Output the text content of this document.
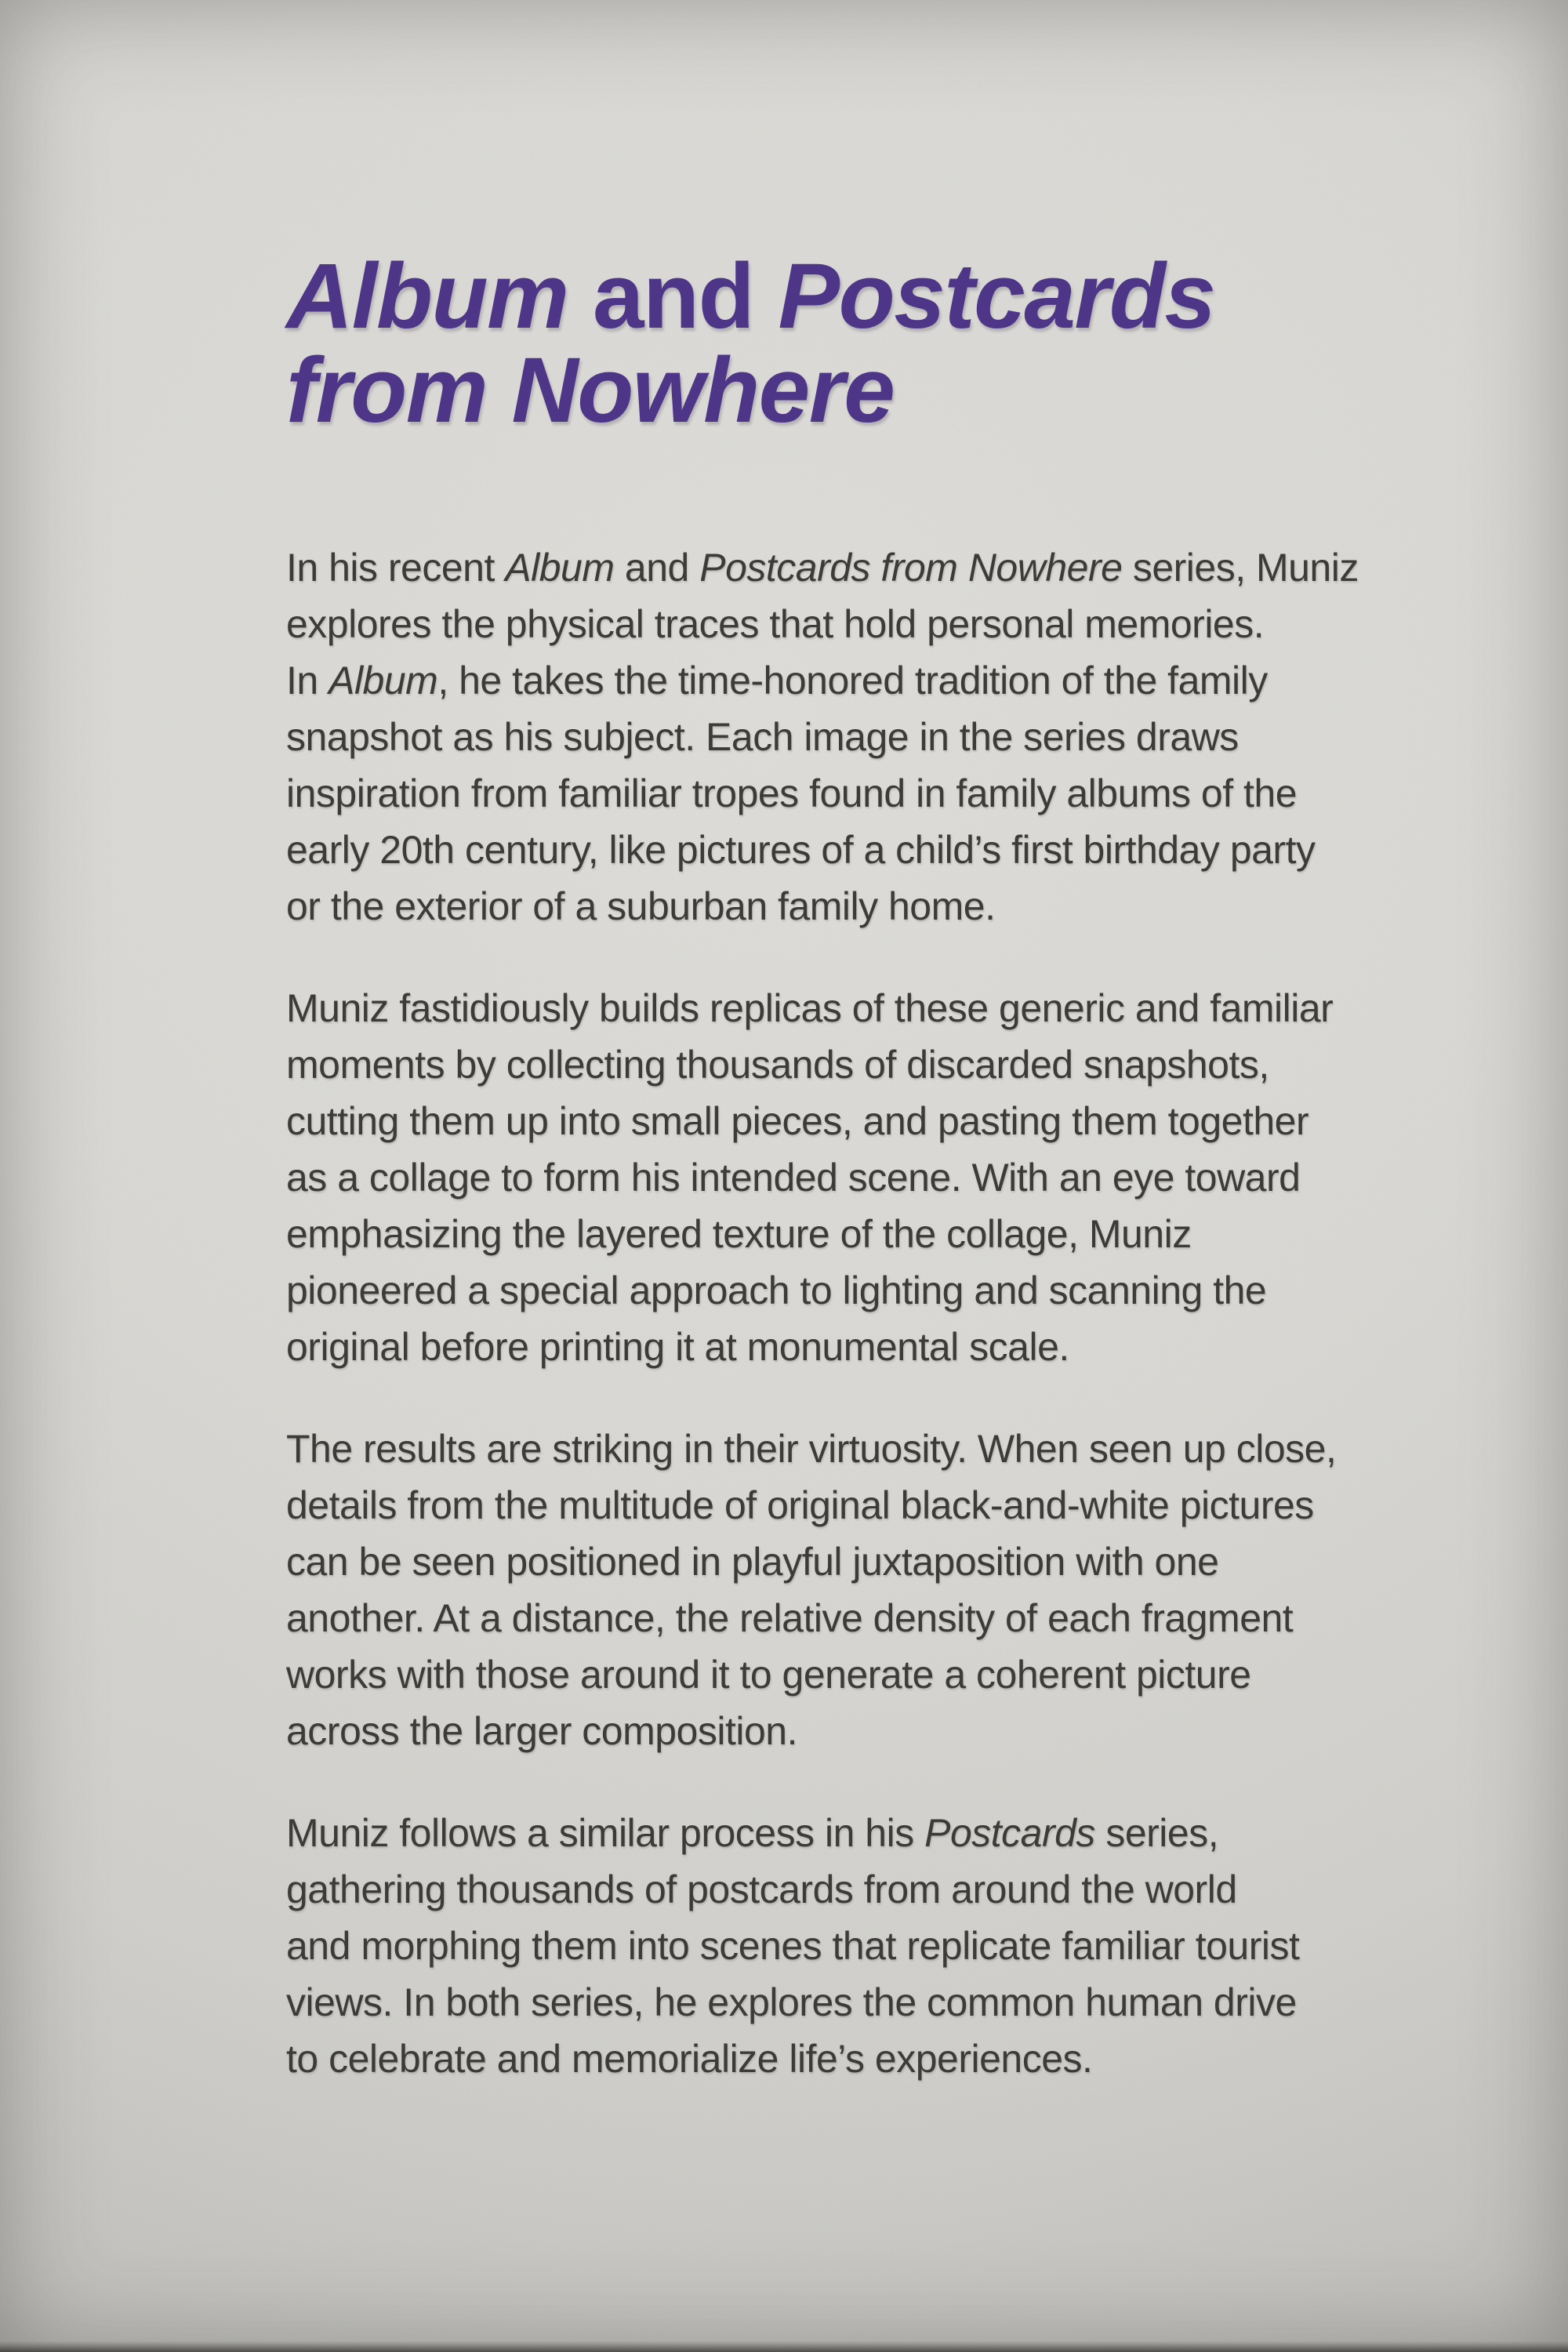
Album and Postcards
from Nowhere
In his recent Album and Postcards from Nowhere series, Muniz
explores the physical traces that hold personal memories.
In Album, he takes the time-honored tradition of the family
snapshot as his subject. Each image in the series draws
inspiration from familiar tropes found in family albums of the
early 20th century, like pictures of a child’s first birthday party
or the exterior of a suburban family home.
Muniz fastidiously builds replicas of these generic and familiar
moments by collecting thousands of discarded snapshots,
cutting them up into small pieces, and pasting them together
as a collage to form his intended scene. With an eye toward
emphasizing the layered texture of the collage, Muniz
pioneered a special approach to lighting and scanning the
original before printing it at monumental scale.
The results are striking in their virtuosity. When seen up close,
details from the multitude of original black-and-white pictures
can be seen positioned in playful juxtaposition with one
another. At a distance, the relative density of each fragment
works with those around it to generate a coherent picture
across the larger composition.
Muniz follows a similar process in his Postcards series,
gathering thousands of postcards from around the world
and morphing them into scenes that replicate familiar tourist
views. In both series, he explores the common human drive
to celebrate and memorialize life’s experiences.
